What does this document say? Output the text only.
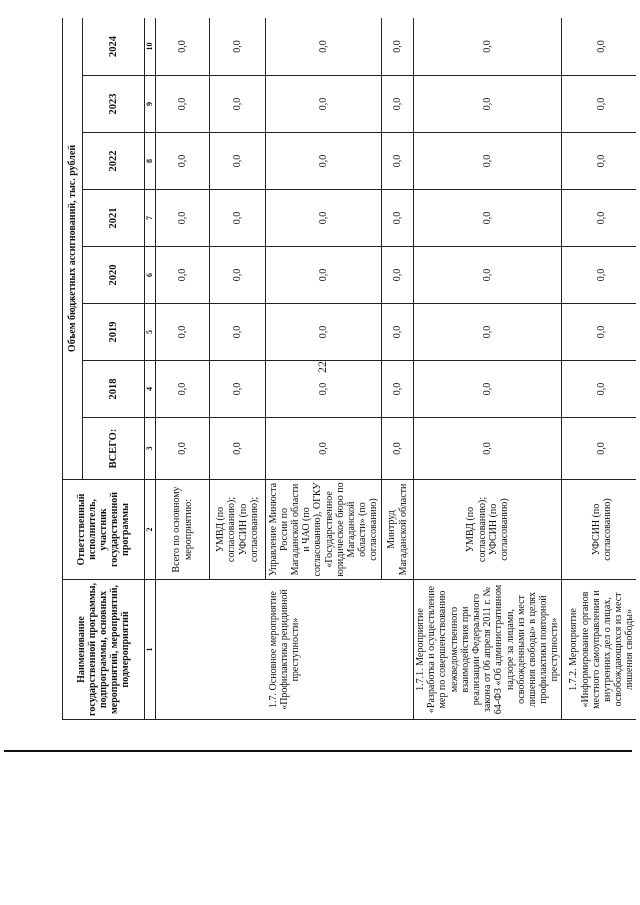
22
Наименование государственной программы, подпрограммы, основных мероприятий, мероприятий, подмероприятий	Ответственный исполнитель, участник государственной программы	Объем бюджетных ассигнований, тыс. рублей							
		ВСЕГО:	2018	2019	2020	2021	2022	2023	2024
1	2	3	4	5	6	7	8	9	10
1.7. Основное мероприятие «Профилактика рецидивной преступности»	Всего по основному мероприятию:	0,0	0,0	0,0	0,0	0,0	0,0	0,0	0,0
	УМВД (по согласованию); УФСИН (по согласованию);	0,0	0,0	0,0	0,0	0,0	0,0	0,0	0,0
	Управление Минюста России по Магаданской области и ЧАО (по согласованию), ОГКУ «Государственное юридическое бюро по Магаданской области» (по согласованию)	0,0	0,0	0,0	0,0	0,0	0,0	0,0	0,0
	Минтруд Магаданской области	0,0	0,0	0,0	0,0	0,0	0,0	0,0	0,0
1.7.1. Мероприятие «Разработка и осуществление мер по совершенствованию межведомственного взаимодействия при реализации Федерального закона от 06 апреля 2011 г. № 64-ФЗ «Об административном надзоре за лицами, освобожденными из мест лишения свободы» в целях профилактики повторной преступности»	УМВД (по согласованию); УФСИН (по согласованию)	0,0	0,0	0,0	0,0	0,0	0,0	0,0	0,0
1.7.2. Мероприятие «Информирование органов местного самоуправления и внутренних дел о лицах, освобождающихся из мест лишения свободы»	УФСИН (по согласованию)	0,0	0,0	0,0	0,0	0,0	0,0	0,0	0,0
